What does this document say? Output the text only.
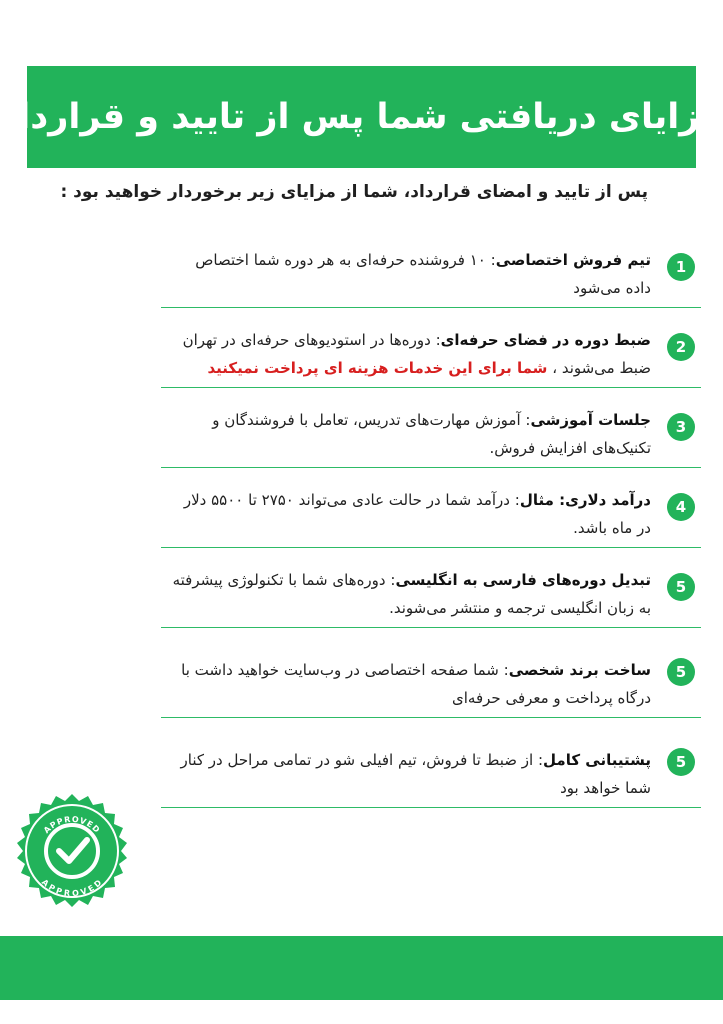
مزایای دریافتی شما پس از تایید و قرارداد

پس از تایید و امضای قرارداد، شما از مزایای زیر برخوردار خواهید بود :

1
تیم فروش اختصاصی: ۱۰ فروشنده حرفه‌ای به هر دوره شما اختصاص داده می‌شود
2
ضبط دوره در فضای حرفه‌ای: دوره‌ها در استودیوهای حرفه‌ای در تهران ضبط می‌شوند ، شما برای این خدمات هزینه ای پرداخت نمیکنید
3
جلسات آموزشی: آموزش مهارت‌های تدریس، تعامل با فروشندگان و تکنیک‌های افزایش فروش.
4
درآمد دلاری: مثال: درآمد شما در حالت عادی می‌تواند ۲۷۵۰ تا ۵۵۰۰ دلار در ماه باشد.
5
تبدیل دوره‌های فارسی به انگلیسی: دوره‌های شما با تکنولوژی پیشرفته به زبان انگلیسی ترجمه و منتشر می‌شوند.
5
ساخت برند شخصی: شما صفحه اختصاصی در وب‌سایت خواهید داشت با درگاه پرداخت و معرفی حرفه‌ای
5
پشتیبانی کامل: از ضبط تا فروش، تیم افیلی شو در تمامی مراحل در کنار شما خواهد بود
APPROVED
APPROVED
